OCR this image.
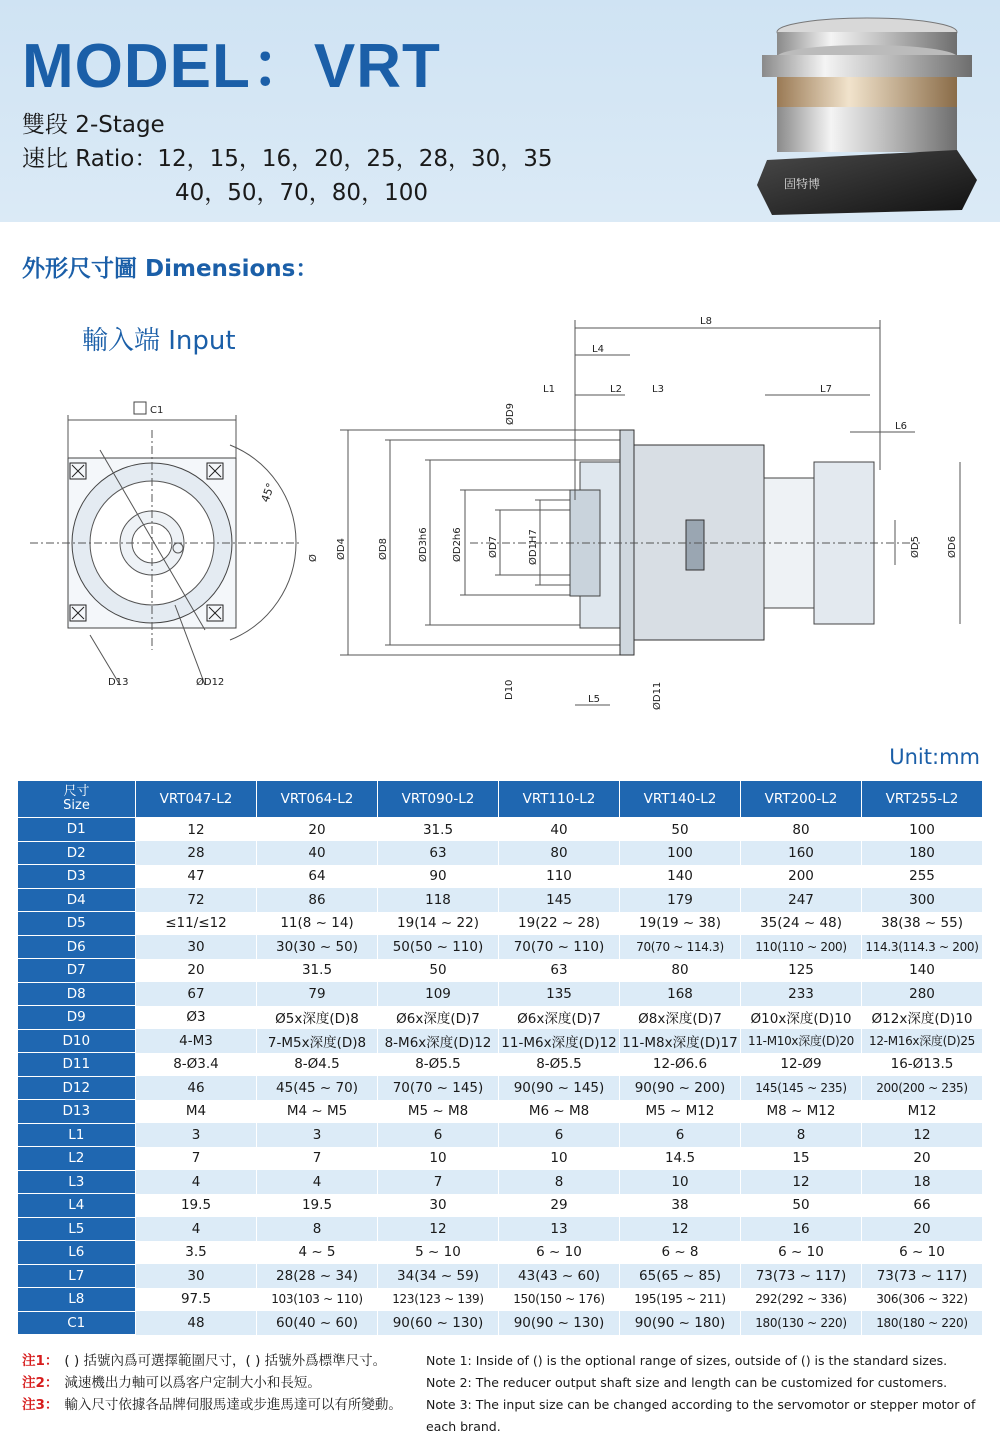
MODEL：VRT
雙段 2-Stage
速比 Ratio：12，15，16，20，25，28，30，35
40，50，70，80，100	固特博
外形尺寸圖 Dimensions：
輸入端 Input
C1
45°
D13	ØD12
Ø
L8
L4
L1	L2	L3	L7
L6
L5
ØD4	ØD8	ØD3h6 ØD2h6	ØD7	ØD1H7
ØD9
D10	ØD11
ØD5	ØD6
Unit:mm
尺寸
Size	VRT047-L2	VRT064-L2	VRT090-L2	VRT110-L2	VRT140-L2	VRT200-L2	VRT255-L2
D1	12	20	31.5	40	50	80	100
D2	28	40	63	80	100	160	180
D3	47	64	90	110	140	200	255
D4	72	86	118	145	179	247	300
D5	≤11/≤12	11(8 ~ 14)	19(14 ~ 22)	19(22 ~ 28)	19(19 ~ 38)	35(24 ~ 48)	38(38 ~ 55)
D6	30	30(30 ~ 50)	50(50 ~ 110)	70(70 ~ 110)	70(70 ~ 114.3)	110(110 ~ 200)	114.3(114.3 ~ 200)
D7	20	31.5	50	63	80	125	140
D8	67	79	109	135	168	233	280
D9	Ø3	Ø5x深度(D)8	Ø6x深度(D)7	Ø6x深度(D)7	Ø8x深度(D)7	Ø10x深度(D)10	Ø12x深度(D)10
D10	4-M3	7-M5x深度(D)8	8-M6x深度(D)12	11-M6x深度(D)12	11-M8x深度(D)17	11-M10x深度(D)20	12-M16x深度(D)25
D11	8-Ø3.4	8-Ø4.5	8-Ø5.5	8-Ø5.5	12-Ø6.6	12-Ø9	16-Ø13.5
D12	46	45(45 ~ 70)	70(70 ~ 145)	90(90 ~ 145)	90(90 ~ 200)	145(145 ~ 235)	200(200 ~ 235)
D13	M4	M4 ~ M5	M5 ~ M8	M6 ~ M8	M5 ~ M12	M8 ~ M12	M12
L1	3	3	6	6	6	8	12
L2	7	7	10	10	14.5	15	20
L3	4	4	7	8	10	12	18
L4	19.5	19.5	30	29	38	50	66
L5	4	8	12	13	12	16	20
L6	3.5	4 ~ 5	5 ~ 10	6 ~ 10	6 ~ 8	6 ~ 10	6 ~ 10
L7	30	28(28 ~ 34)	34(34 ~ 59)	43(43 ~ 60)	65(65 ~ 85)	73(73 ~ 117)	73(73 ~ 117)
L8	97.5	103(103 ~ 110)	123(123 ~ 139)	150(150 ~ 176)	195(195 ~ 211)	292(292 ~ 336)	306(306 ~ 322)
C1	48	60(40 ~ 60)	90(60 ~ 130)	90(90 ~ 130)	90(90 ~ 180)	180(130 ~ 220)	180(180 ~ 220)
注1： ( ) 括號內爲可選擇範圍尺寸，( ) 括號外爲標準尺寸。
注2： 減速機出力軸可以爲客户定制大小和長短。
注3： 輸入尺寸依據各品牌伺服馬達或步進馬達可以有所變動。
Note 1: Inside of () is the optional range of sizes, outside of () is the standard sizes.
Note 2: The reducer output shaft size and length can be customized for customers.
Note 3: The input size can be changed according to the servomotor or stepper motor of each brand.
